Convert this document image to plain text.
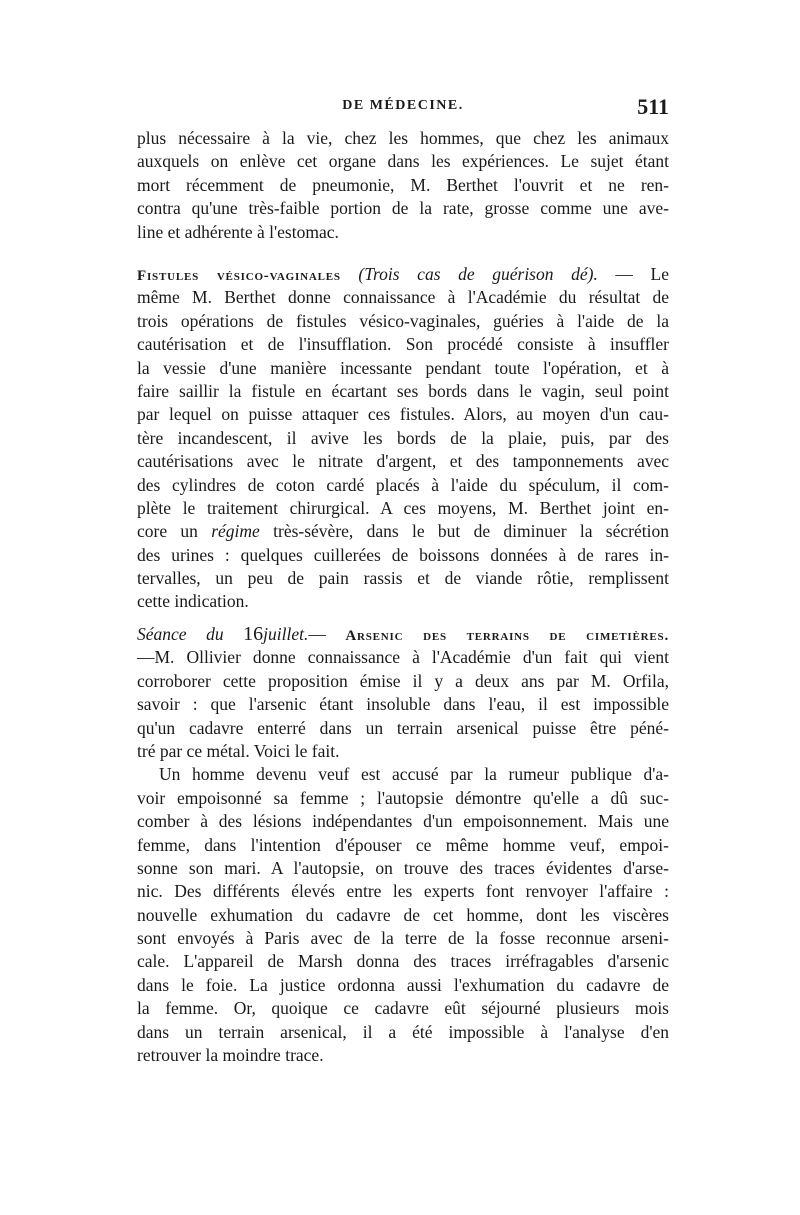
DE MÉDECINE.	511
plus nécessaire à la vie, chez les hommes, que chez les animaux
auxquels on enlève cet organe dans les expériences. Le sujet étant
mort récemment de pneumonie, M. Berthet l'ouvrit et ne ren-
contra qu'une très-faible portion de la rate, grosse comme une ave-
line et adhérente à l'estomac.
Fistules vésico-vaginales (Trois cas de guérison dé). — Le
même M. Berthet donne connaissance à l'Académie du résultat de
trois opérations de fistules vésico-vaginales, guéries à l'aide de la
cautérisation et de l'insufflation. Son procédé consiste à insuffler
la vessie d'une manière incessante pendant toute l'opération, et à
faire saillir la fistule en écartant ses bords dans le vagin, seul point
par lequel on puisse attaquer ces fistules. Alors, au moyen d'un cau-
tère incandescent, il avive les bords de la plaie, puis, par des
cautérisations avec le nitrate d'argent, et des tamponnements avec
des cylindres de coton cardé placés à l'aide du spéculum, il com-
plète le traitement chirurgical. A ces moyens, M. Berthet joint en-
core un régime très-sévère, dans le but de diminuer la sécrétion
des urines : quelques cuillerées de boissons données à de rares in-
tervalles, un peu de pain rassis et de viande rôtie, remplissent
cette indication.
Séance du 16juillet.— Arsenic des terrains de cimetières.
—M. Ollivier donne connaissance à l'Académie d'un fait qui vient
corroborer cette proposition émise il y a deux ans par M. Orfila,
savoir : que l'arsenic étant insoluble dans l'eau, il est impossible
qu'un cadavre enterré dans un terrain arsenical puisse être péné-
tré par ce métal. Voici le fait.
Un homme devenu veuf est accusé par la rumeur publique d'a-
voir empoisonné sa femme ; l'autopsie démontre qu'elle a dû suc-
comber à des lésions indépendantes d'un empoisonnement. Mais une
femme, dans l'intention d'épouser ce même homme veuf, empoi-
sonne son mari. A l'autopsie, on trouve des traces évidentes d'arse-
nic. Des différents élevés entre les experts font renvoyer l'affaire :
nouvelle exhumation du cadavre de cet homme, dont les viscères
sont envoyés à Paris avec de la terre de la fosse reconnue arseni-
cale. L'appareil de Marsh donna des traces irréfragables d'arsenic
dans le foie. La justice ordonna aussi l'exhumation du cadavre de
la femme. Or, quoique ce cadavre eût séjourné plusieurs mois
dans un terrain arsenical, il a été impossible à l'analyse d'en
retrouver la moindre trace.
